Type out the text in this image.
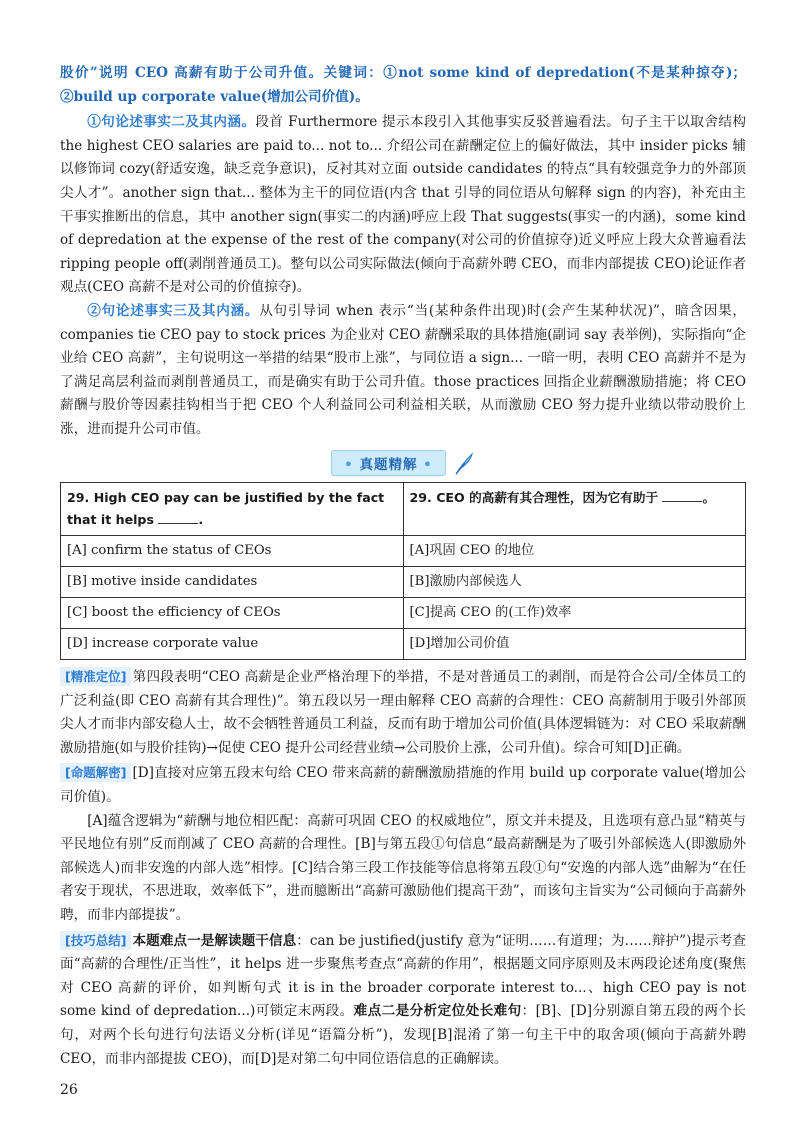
股价”说明 CEO 高薪有助于公司升值。关键词：①not some kind of depredation(不是某种掠夺)；②build up corporate value(增加公司价值)。

①句论述事实二及其内涵。段首 Furthermore 提示本段引入其他事实反驳普遍看法。句子主干以取舍结构 the highest CEO salaries are paid to... not to... 介绍公司在薪酬定位上的偏好做法，其中 insider picks 辅以修饰词 cozy(舒适安逸，缺乏竞争意识)，反衬其对立面 outside candidates 的特点“具有较强竞争力的外部顶尖人才”。another sign that... 整体为主干的同位语(内含 that 引导的同位语从句解释 sign 的内容)，补充由主干事实推断出的信息，其中 another sign(事实二的内涵)呼应上段 That suggests(事实一的内涵)，some kind of depredation at the expense of the rest of the company(对公司的价值掠夺)近义呼应上段大众普遍看法 ripping people off(剥削普通员工)。整句以公司实际做法(倾向于高薪外聘 CEO，而非内部提拔 CEO)论证作者观点(CEO 高薪不是对公司的价值掠夺)。

②句论述事实三及其内涵。从句引导词 when 表示“当(某种条件出现)时(会产生某种状况)”，暗含因果，companies tie CEO pay to stock prices 为企业对 CEO 薪酬采取的具体措施(副词 say 表举例)，实际指向“企业给 CEO 高薪”，主句说明这一举措的结果“股市上涨”，与同位语 a sign... 一暗一明，表明 CEO 高薪并不是为了满足高层利益而剥削普通员工，而是确实有助于公司升值。those practices 回指企业薪酬激励措施；将 CEO 薪酬与股价等因素挂钩相当于把 CEO 个人利益同公司利益相关联，从而激励 CEO 努力提升业绩以带动股价上涨，进而提升公司市值。

• 真题精解 •
29. High CEO pay can be justified by the fact that it helps .	29. CEO 的高薪有其合理性，因为它有助于 。
[A] confirm the status of CEOs	[A]巩固 CEO 的地位
[B] motive inside candidates	[B]激励内部候选人
[C] boost the efficiency of CEOs	[C]提高 CEO 的(工作)效率
[D] increase corporate value	[D]增加公司价值

[精准定位] 第四段表明“CEO 高薪是企业严格治理下的举措，不是对普通员工的剥削，而是符合公司/全体员工的广泛利益(即 CEO 高薪有其合理性)”。第五段以另一理由解释 CEO 高薪的合理性：CEO 高薪制用于吸引外部顶尖人才而非内部安稳人士，故不会牺牲普通员工利益，反而有助于增加公司价值(具体逻辑链为：对 CEO 采取薪酬激励措施(如与股价挂钩)→促使 CEO 提升公司经营业绩→公司股价上涨，公司升值)。综合可知[D]正确。

[命题解密] [D]直接对应第五段末句给 CEO 带来高薪的薪酬激励措施的作用 build up corporate value(增加公司价值)。

[A]蕴含逻辑为“薪酬与地位相匹配：高薪可巩固 CEO 的权威地位”，原文并未提及，且选项有意凸显“精英与平民地位有别”反而削减了 CEO 高薪的合理性。[B]与第五段①句信息“最高薪酬是为了吸引外部候选人(即激励外部候选人)而非安逸的内部人选”相悖。[C]结合第三段工作技能等信息将第五段①句“安逸的内部人选”曲解为“在任者安于现状，不思进取，效率低下”，进而臆断出“高薪可激励他们提高干劲”，而该句主旨实为“公司倾向于高薪外聘，而非内部提拔”。

[技巧总结] 本题难点一是解读题干信息：can be justified(justify 意为“证明……有道理；为……辩护”)提示考查面“高薪的合理性/正当性”，it helps 进一步聚焦考查点“高薪的作用”，根据题文同序原则及末两段论述角度(聚焦对 CEO 高薪的评价，如判断句式 it is in the broader corporate interest to...、high CEO pay is not some kind of depredation...)可锁定末两段。难点二是分析定位处长难句：[B]、[D]分别源自第五段的两个长句，对两个长句进行句法语义分析(详见“语篇分析”)，发现[B]混淆了第一句主干中的取舍项(倾向于高薪外聘 CEO，而非内部提拔 CEO)，而[D]是对第二句中同位语信息的正确解读。

26
